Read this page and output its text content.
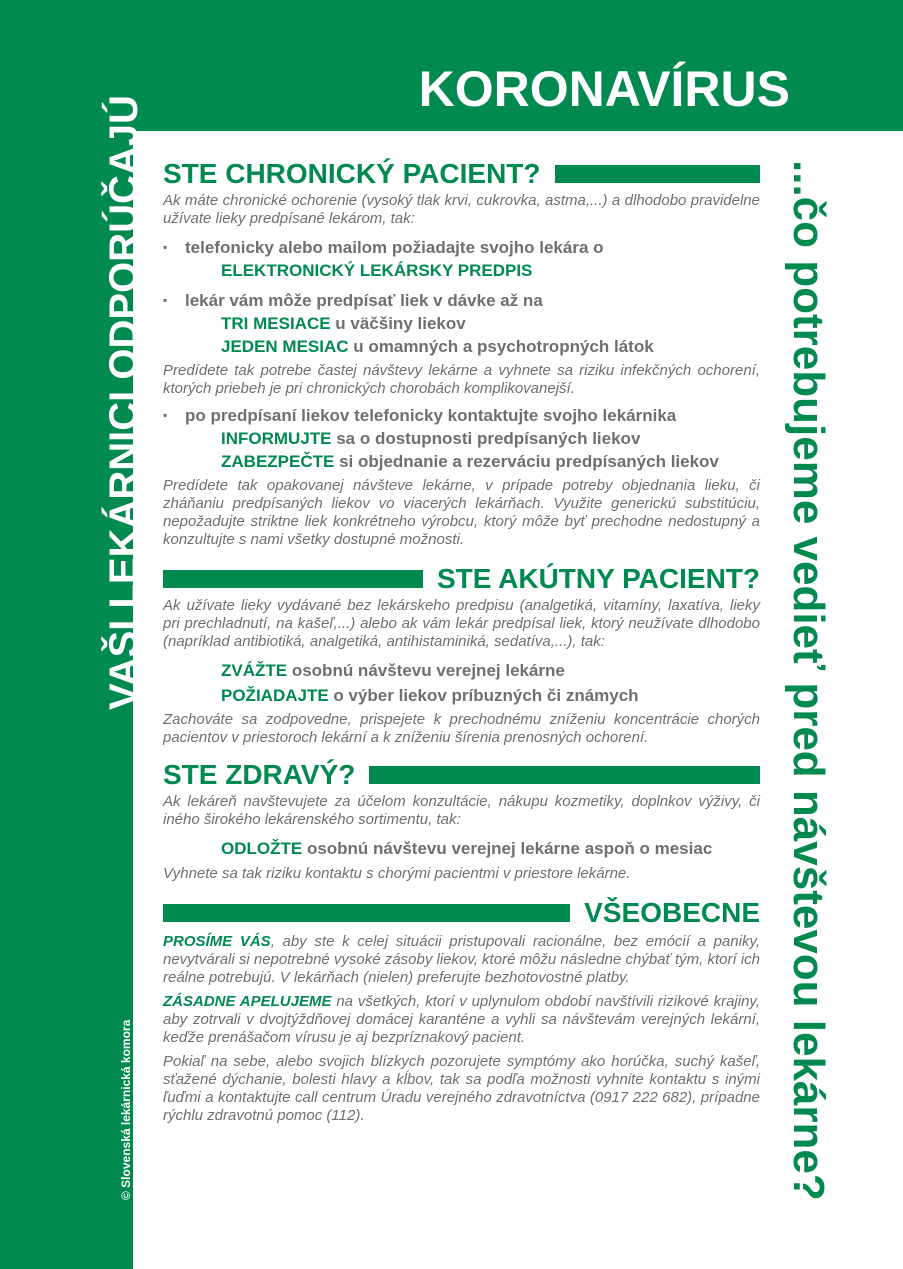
KORONAVÍRUS
VAŠI LEKÁRNICI ODPORÚČAJÚ
© Slovenská lekárnická komora 2020	...čo potrebujeme vedieť pred návštevou lekárne?
STE CHRONICKÝ PACIENT?
Ak máte chronické ochorenie (vysoký tlak krvi, cukrovka, astma,...) a dlhodobo pravidelne užívate lieky predpísané lekárom, tak:
▪ telefonicky alebo mailom požiadajte svojho lekára o
ELEKTRONICKÝ LEKÁRSKY PREDPIS
▪ lekár vám môže predpísať liek v dávke až na
TRI MESIACE u väčšiny liekov
JEDEN MESIAC u omamných a psychotropných látok
Predídete tak potrebe častej návštevy lekárne a vyhnete sa riziku infekčných ochorení, ktorých priebeh je pri chronických chorobách komplikovanejší.
▪ po predpísaní liekov telefonicky kontaktujte svojho lekárnika
INFORMUJTE sa o dostupnosti predpísaných liekov
ZABEZPEČTE si objednanie a rezerváciu predpísaných liekov
Predídete tak opakovanej návšteve lekárne, v prípade potreby objednania lieku, či zháňaniu predpísaných liekov vo viacerých lekárňach. Využite generickú substitúciu, nepožadujte striktne liek konkrétneho výrobcu, ktorý môže byť prechodne nedostupný a konzultujte s nami všetky dostupné možnosti.
STE AKÚTNY PACIENT?
Ak užívate lieky vydávané bez lekárskeho predpisu (analgetiká, vitamíny, laxatíva, lieky pri prechladnutí, na kašeľ,...) alebo ak vám lekár predpísal liek, ktorý neužívate dlhodobo (napríklad antibiotiká, analgetiká, antihistaminiká, sedatíva,...), tak:
ZVÁŽTE osobnú návštevu verejnej lekárne
POŽIADAJTE o výber liekov príbuzných či známych
Zachováte sa zodpovedne, prispejete k prechodnému zníženiu koncentrácie chorých pacientov v priestoroch lekární a k zníženiu šírenia prenosných ochorení.
STE ZDRAVÝ?
Ak lekáreň navštevujete za účelom konzultácie, nákupu kozmetiky, doplnkov výživy, či iného širokého lekárenského sortimentu, tak:
ODLOŽTE osobnú návštevu verejnej lekárne aspoň o mesiac
Vyhnete sa tak riziku kontaktu s chorými pacientmi v priestore lekárne.
VŠEOBECNE
PROSÍME VÁS, aby ste k celej situácii pristupovali racionálne, bez emócií a paniky, nevytvárali si nepotrebné vysoké zásoby liekov, ktoré môžu následne chýbať tým, ktorí ich reálne potrebujú. V lekárňach (nielen) preferujte bezhotovostné platby.
ZÁSADNE APELUJEME na všetkých, ktorí v uplynulom období navštívili rizikové krajiny, aby zotrvali v dvojtýždňovej domácej karanténe a vyhli sa návštevám verejných lekární, keďže prenášačom vírusu je aj bezpríznakový pacient.
Pokiaľ na sebe, alebo svojich blízkych pozorujete symptómy ako horúčka, suchý kašeľ, sťažené dýchanie, bolesti hlavy a kĺbov, tak sa podľa možnosti vyhnite kontaktu s inými ľuďmi a kontaktujte call centrum Úradu verejného zdravotníctva (0917 222 682), prípadne rýchlu zdravotnú pomoc (112).
